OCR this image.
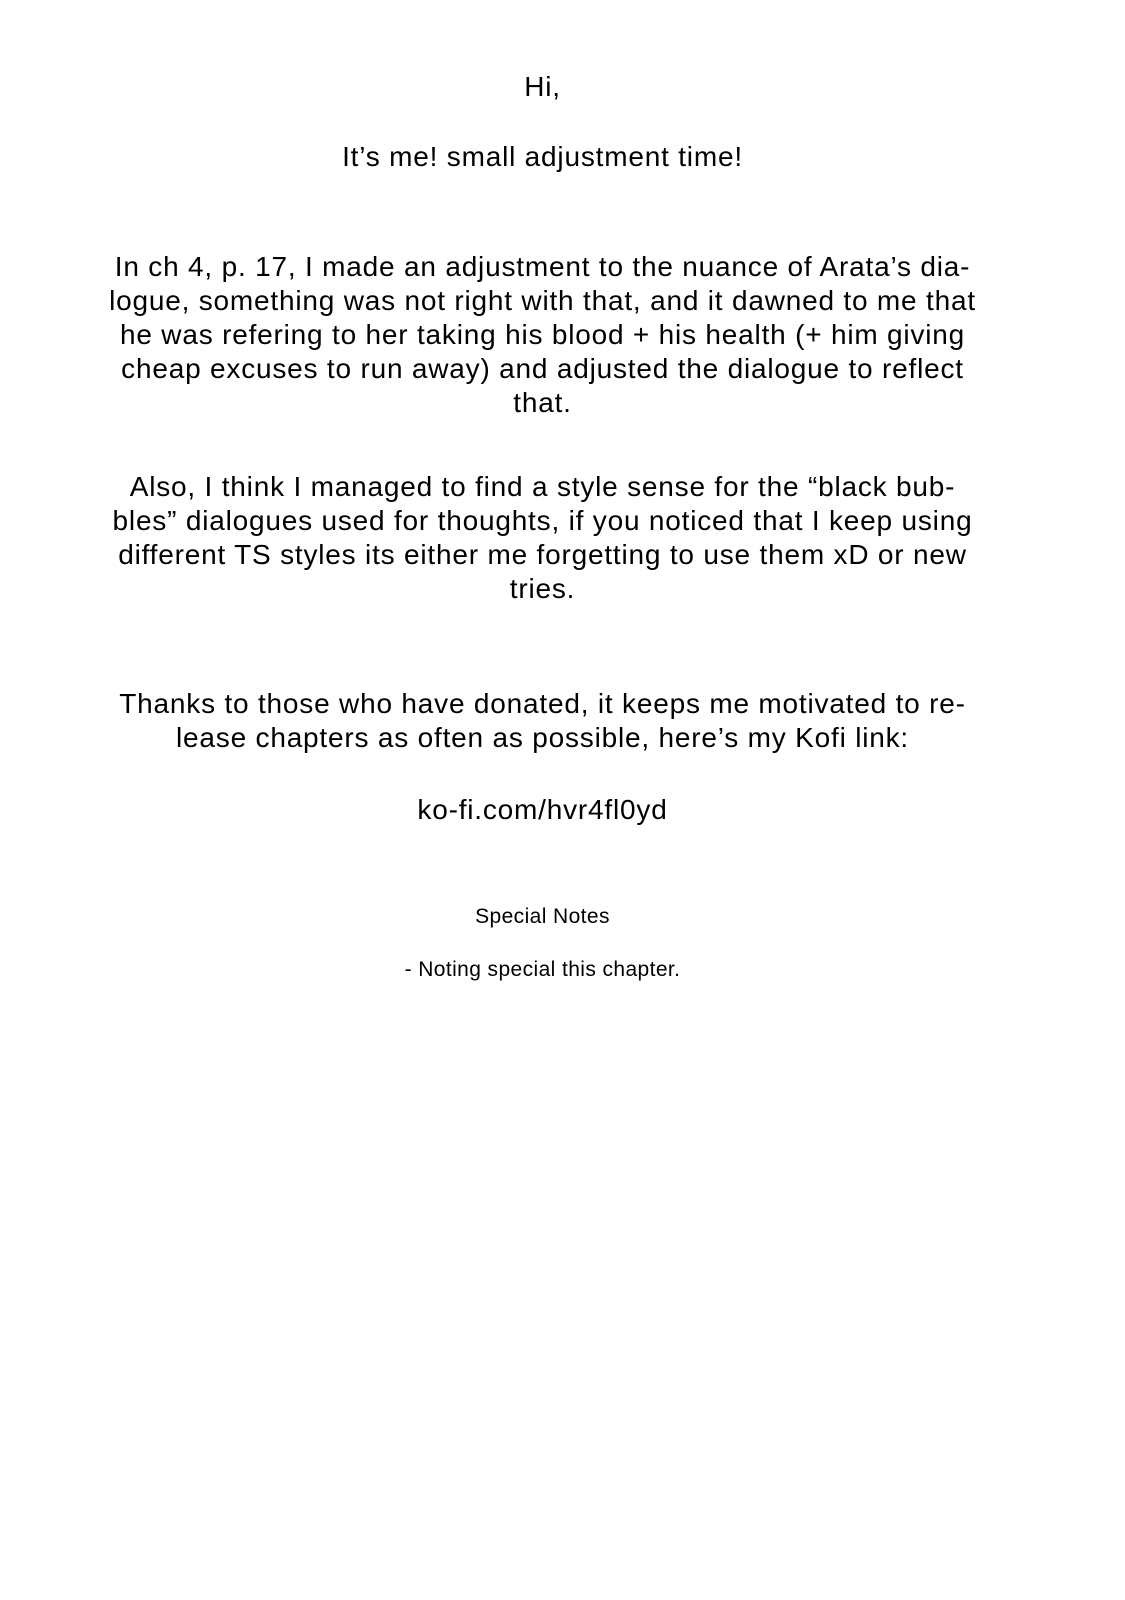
Hi,
It’s me! small adjustment time!
In ch 4, p. 17, I made an adjustment to the nuance of Arata’s dia-
logue, something was not right with that, and it dawned to me that
he was refering to her taking his blood + his health (+ him giving
cheap excuses to run away) and adjusted the dialogue to reflect
that.
Also, I think I managed to find a style sense for the “black bub-
bles” dialogues used for thoughts, if you noticed that I keep using
different TS styles its either me forgetting to use them xD or new
tries.
Thanks to those who have donated, it keeps me motivated to re-
lease chapters as often as possible, here’s my Kofi link:
ko-fi.com/hvr4fl0yd
Special Notes
- Noting special this chapter.
